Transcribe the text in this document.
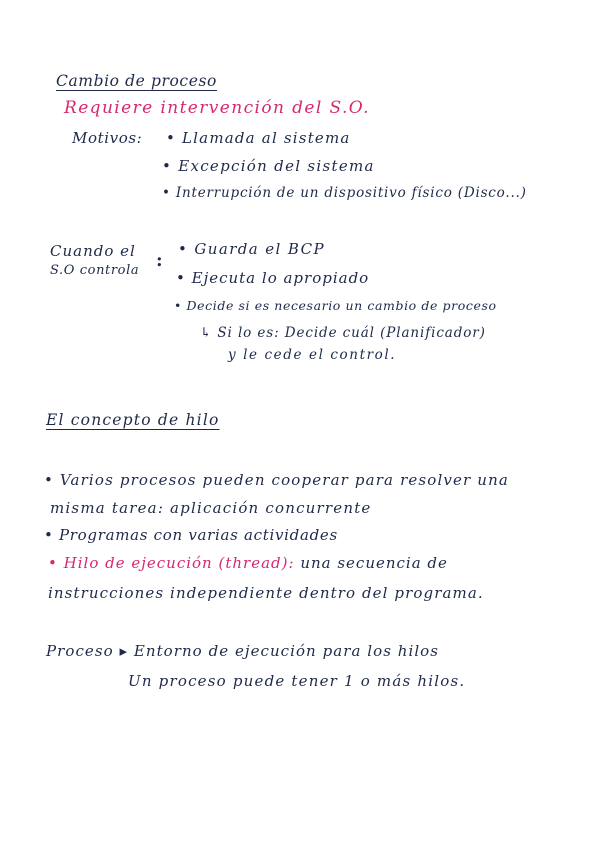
Cambio de proceso
Requiere intervención del S.O.
Motivos: • Llamada al sistema
• Excepción del sistema
• Interrupción de un dispositivo físico (Disco...)
Cuando el
S.O controla :
• Guarda el BCP
• Ejecuta lo apropiado
• Decide si es necesario un cambio de proceso
↳ Si lo es: Decide cuál (Planificador)
y le cede el control.
El concepto de hilo
• Varios procesos pueden cooperar para resolver una
misma tarea: aplicación concurrente
• Programas con varias actividades
• Hilo de ejecución (thread): una secuencia de
instrucciones independiente dentro del programa.
Proceso ▸ Entorno de ejecución para los hilos
Un proceso puede tener 1 o más hilos.
